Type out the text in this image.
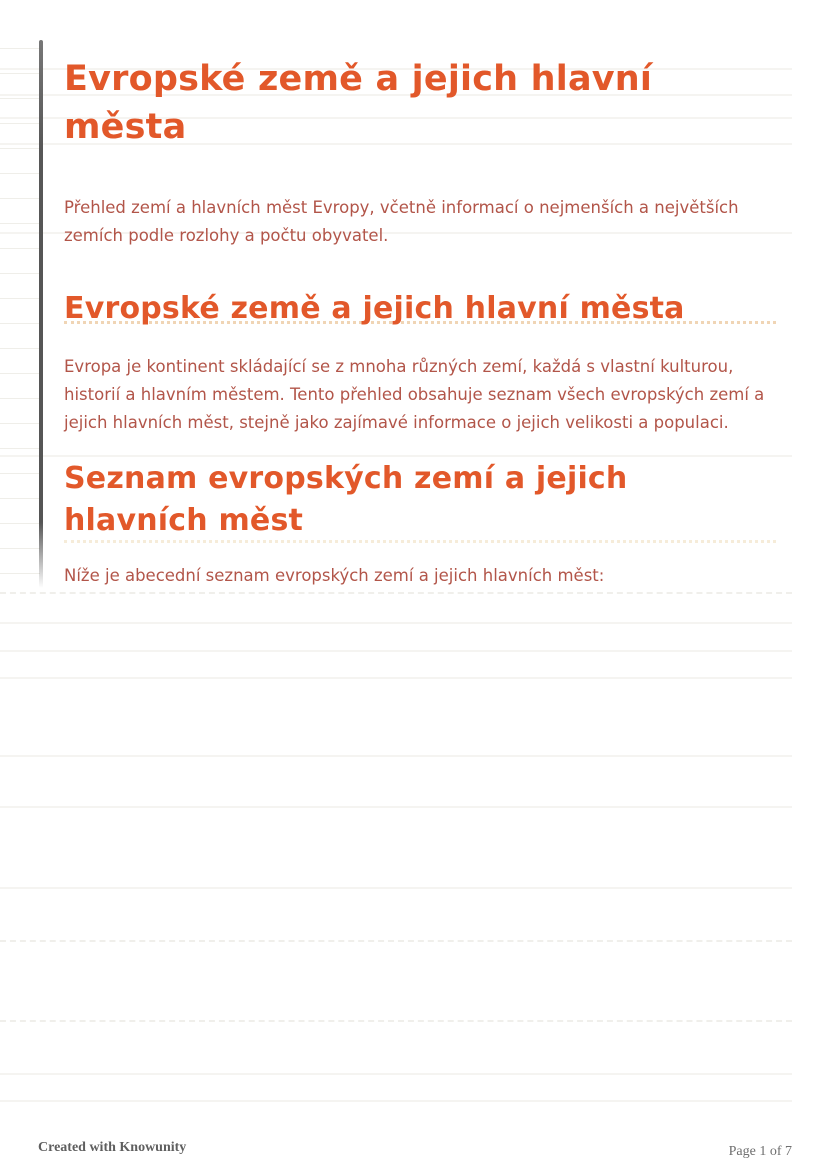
Evropské země a jejich hlavní města
Přehled zemí a hlavních měst Evropy, včetně informací o nejmenších a největších zemích podle rozlohy a počtu obyvatel.
Evropské země a jejich hlavní města
Evropa je kontinent skládající se z mnoha různých zemí, každá s vlastní kulturou, historií a hlavním městem. Tento přehled obsahuje seznam všech evropských zemí a jejich hlavních měst, stejně jako zajímavé informace o jejich velikosti a populaci.
Seznam evropských zemí a jejich hlavních měst
Níže je abecední seznam evropských zemí a jejich hlavních měst:
Created with Knowunity	Page 1 of 7
